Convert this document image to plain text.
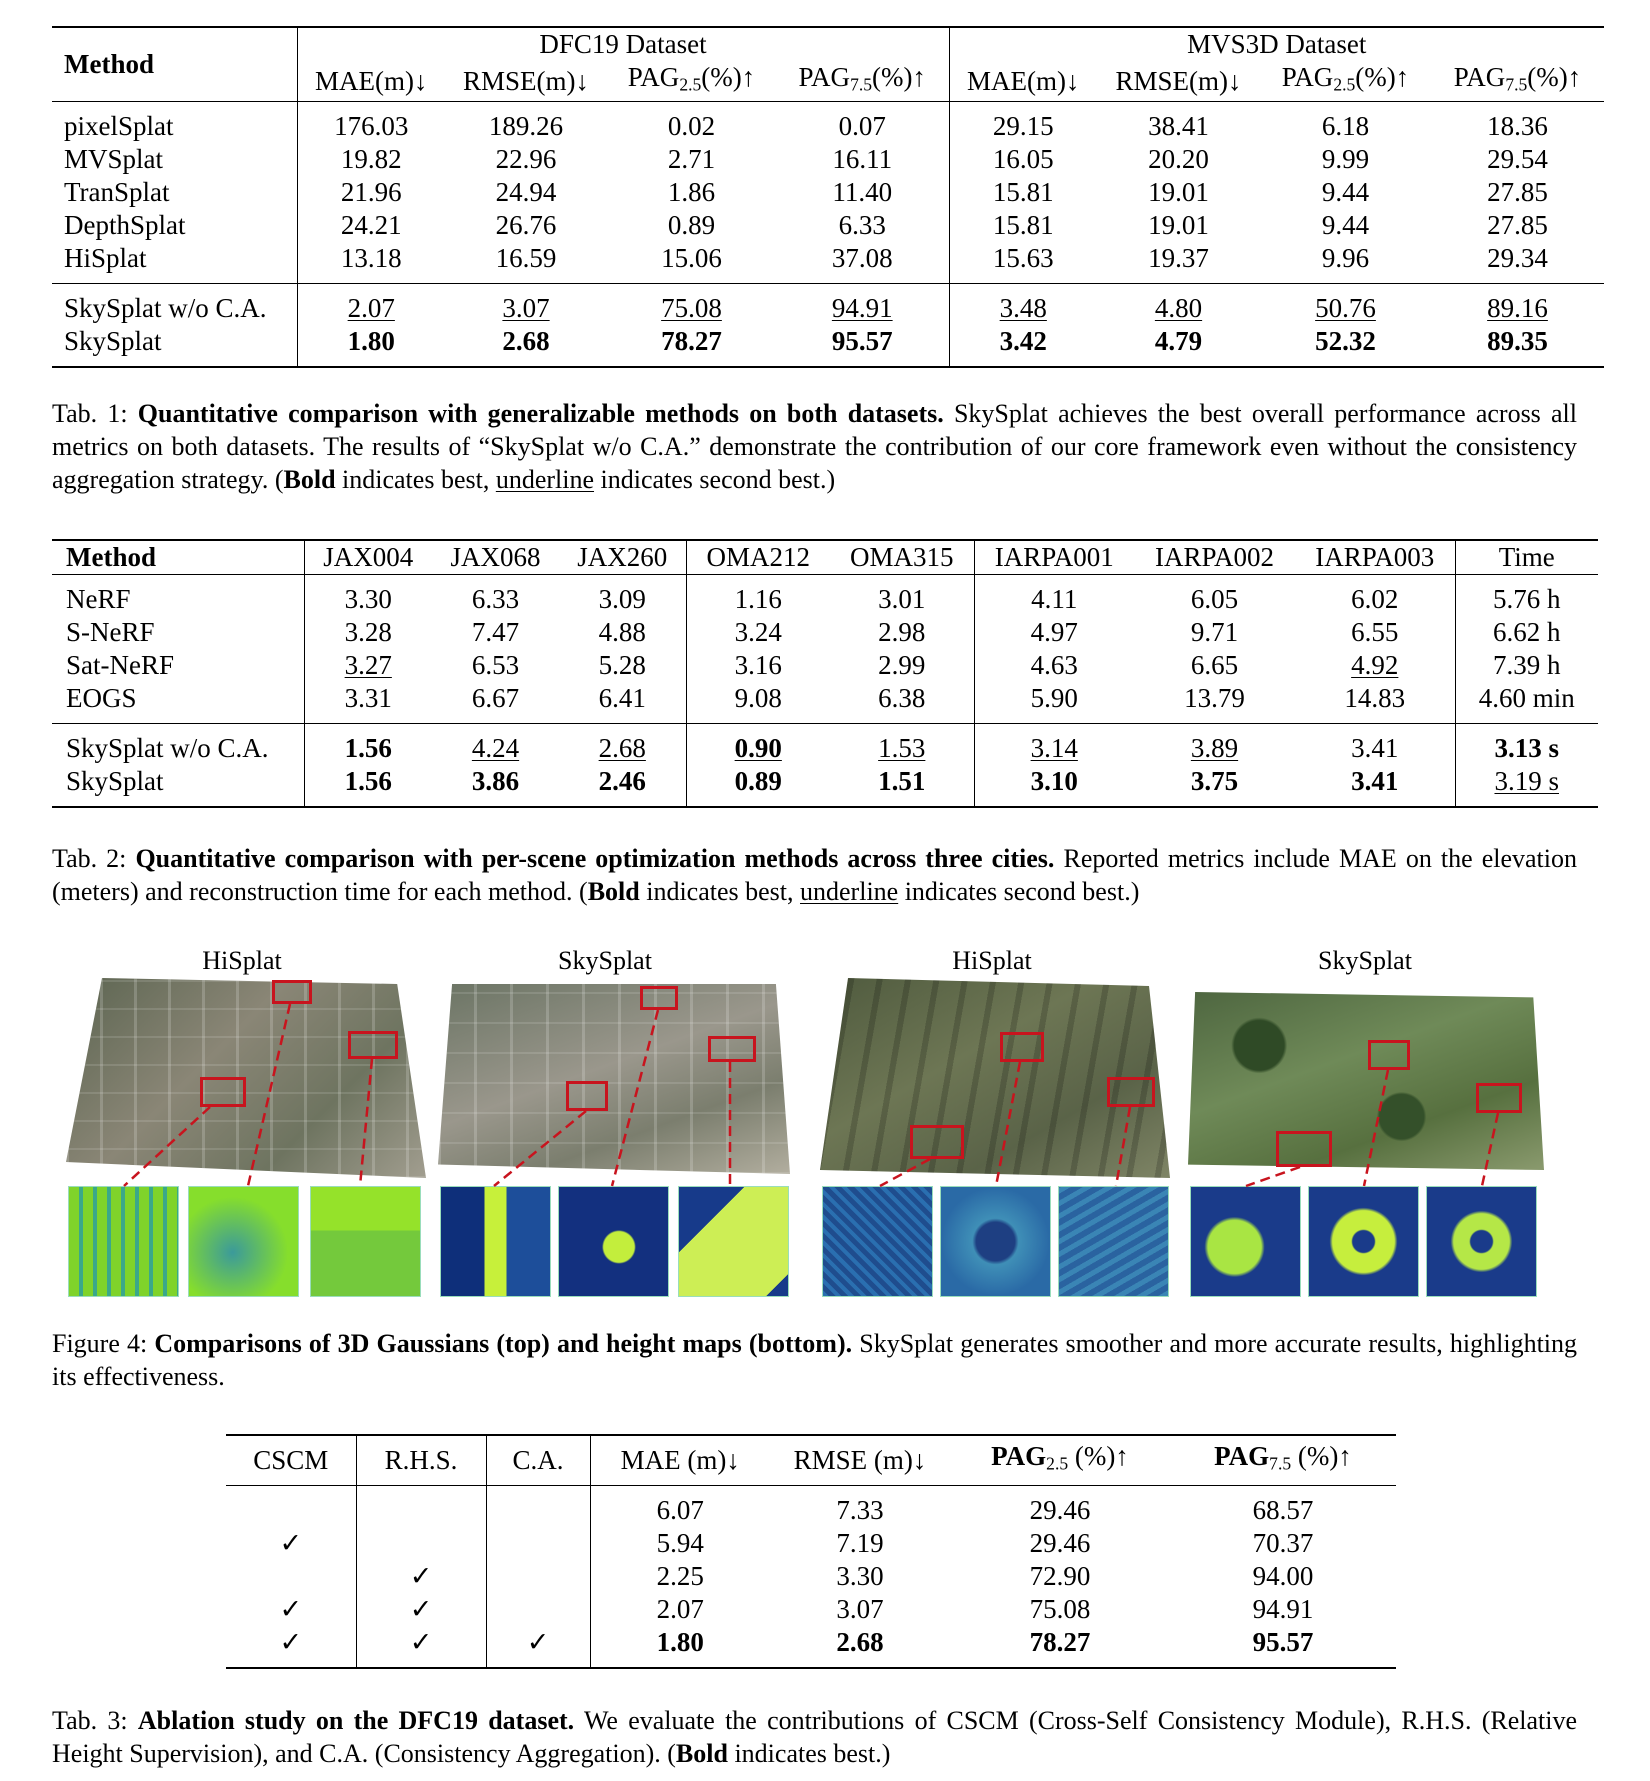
Method	DFC19 Dataset				MVS3D Dataset			
	MAE(m)↓	RMSE(m)↓	$PAG_{2.5}(\%)↑$	$PAG_{7.5}(\%)↑$	MAE(m)↓	RMSE(m)↓	$PAG_{2.5}(\%)↑$	$PAG_{7.5}(\%)↑$

pixelSplat	176.03	189.26	0.02	0.07	29.15	38.41	6.18	18.36
MVSplat	19.82	22.96	2.71	16.11	16.05	20.20	9.99	29.54
TranSplat	21.96	24.94	1.86	11.40	15.81	19.01	9.44	27.85
DepthSplat	24.21	26.76	0.89	6.33	15.81	19.01	9.44	27.85
HiSplat	13.18	16.59	15.06	37.08	15.63	19.37	9.96	29.34

SkySplat w/o C.A.	2.07	3.07	75.08	94.91	3.48	4.80	50.76	89.16
SkySplat	1.80	2.68	78.27	95.57	3.42	4.79	52.32	89.35

Tab. 1: Quantitative comparison with generalizable methods on both datasets. SkySplat achieves the best overall performance across all metrics on both datasets. The results of “SkySplat w/o C.A.” demonstrate the contribution of our core framework even without the consistency aggregation strategy. (Bold indicates best, underline indicates second best.)
Method	JAX004	JAX068	JAX260	OMA212	OMA315	IARPA001	IARPA002	IARPA003	Time

NeRF	3.30	6.33	3.09	1.16	3.01	4.11	6.05	6.02	5.76 h
S-NeRF	3.28	7.47	4.88	3.24	2.98	4.97	9.71	6.55	6.62 h
Sat-NeRF	3.27	6.53	5.28	3.16	2.99	4.63	6.65	4.92	7.39 h
EOGS	3.31	6.67	6.41	9.08	6.38	5.90	13.79	14.83	4.60 min

SkySplat w/o C.A.	1.56	4.24	2.68	0.90	1.53	3.14	3.89	3.41	3.13 s
SkySplat	1.56	3.86	2.46	0.89	1.51	3.10	3.75	3.41	3.19 s

Tab. 2: Quantitative comparison with per-scene optimization methods across three cities. Reported metrics include MAE on the elevation (meters) and reconstruction time for each method. (Bold indicates best, underline indicates second best.)
HiSplat	SkySplat	HiSplat	SkySplat
Figure 4: Comparisons of 3D Gaussians (top) and height maps (bottom). SkySplat generates smoother and more accurate results, highlighting its effectiveness.
CSCM	R.H.S.	C.A.	MAE (m)↓	RMSE (m)↓	$PAG_{2.5}$ (%)↑	$PAG_{7.5}$ (%)↑

			6.07	7.33	29.46	68.57
✓			5.94	7.19	29.46	70.37
	✓		2.25	3.30	72.90	94.00
✓	✓		2.07	3.07	75.08	94.91
✓	✓	✓	1.80	2.68	78.27	95.57

Tab. 3: Ablation study on the DFC19 dataset. We evaluate the contributions of CSCM (Cross-Self Consistency Module), R.H.S. (Relative Height Supervision), and C.A. (Consistency Aggregation). (Bold indicates best.)
